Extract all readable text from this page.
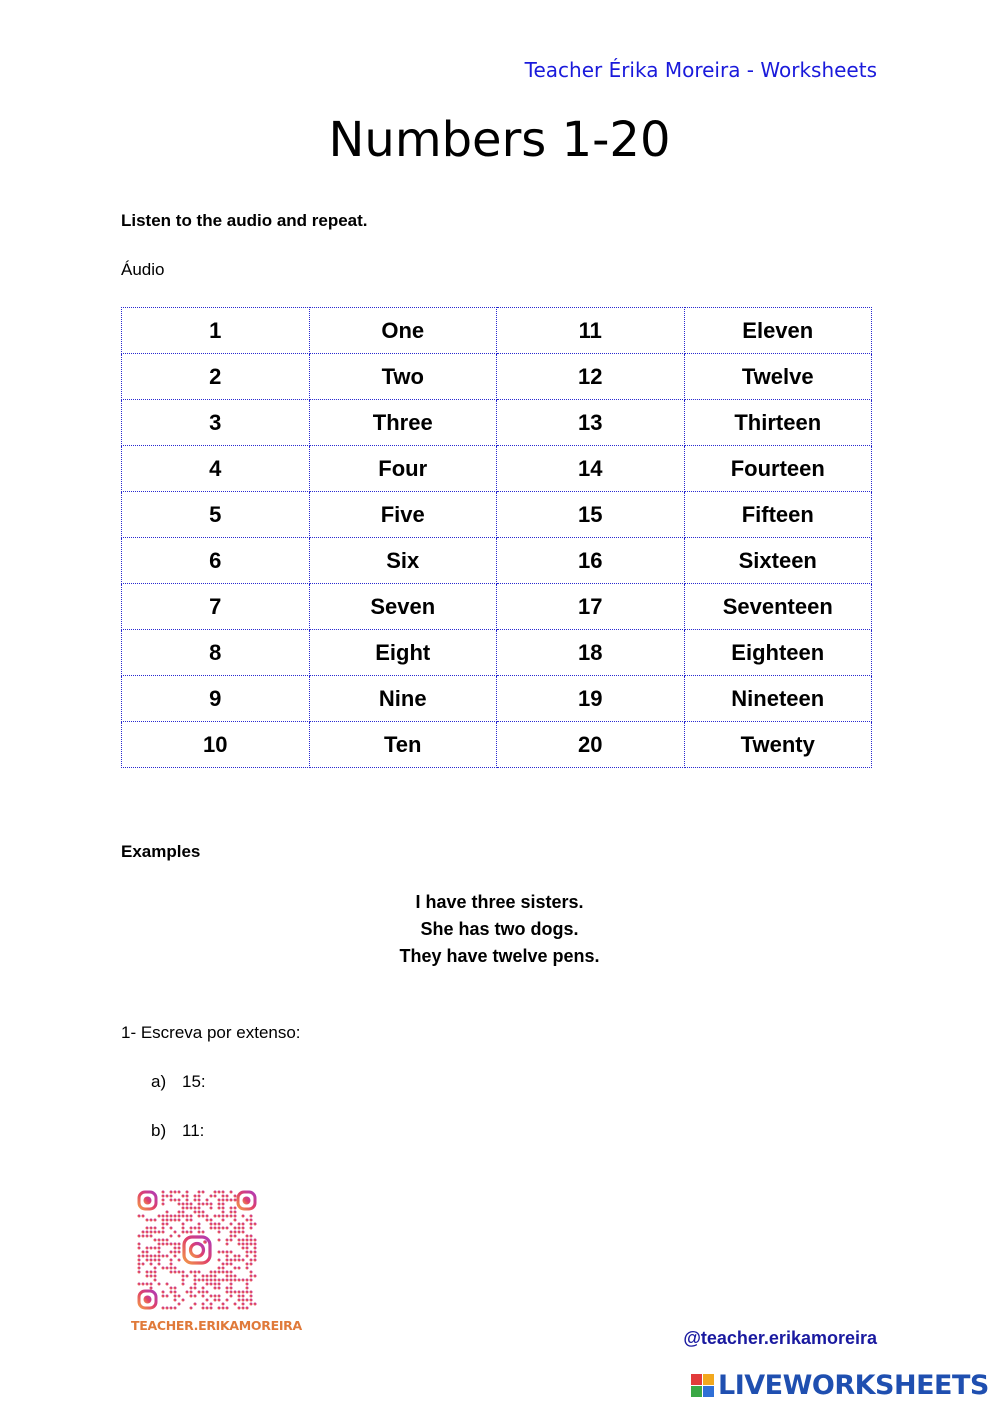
Teacher Érika Moreira - Worksheets
Numbers 1-20
Listen to the audio and repeat.
Áudio
1	One	11	Eleven
2	Two	12	Twelve
3	Three	13	Thirteen
4	Four	14	Fourteen
5	Five	15	Fifteen
6	Six	16	Sixteen
7	Seven	17	Seventeen
8	Eight	18	Eighteen
9	Nine	19	Nineteen
10	Ten	20	Twenty
Examples
I have three sisters.
She has two dogs.
They have twelve pens.
1- Escreva por extenso:
a) 15:
b) 11:
TEACHER.ERIKAMOREIRA
@teacher.erikamoreira
LIVEWORKSHEETS
